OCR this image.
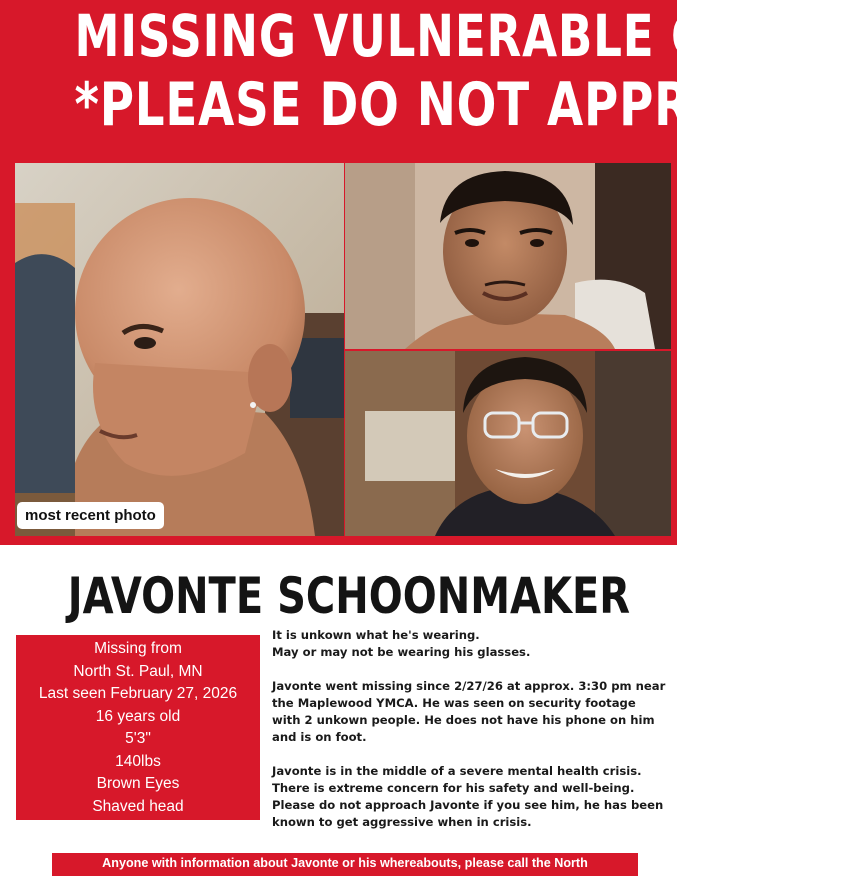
MISSING VULNERABLE CHILD
*PLEASE DO NOT APPROACH*
most recent photo
JAVONTE SCHOONMAKER
Missing from
North St. Paul, MN
Last seen February 27, 2026
16 years old
5'3"
140lbs
Brown Eyes
Shaved head

It is unkown what he's wearing.
May or may not be wearing his glasses.

Javonte went missing since 2/27/26 at approx. 3:30 pm near the Maplewood YMCA. He was seen on security footage with 2 unkown people. He does not have his phone on him and is on foot.

Javonte is in the middle of a severe mental health crisis. There is extreme concern for his safety and well-being. Please do not approach Javonte if you see him, he has been known to get aggressive when in crisis.

Anyone with information about Javonte or his whereabouts, please call the North
